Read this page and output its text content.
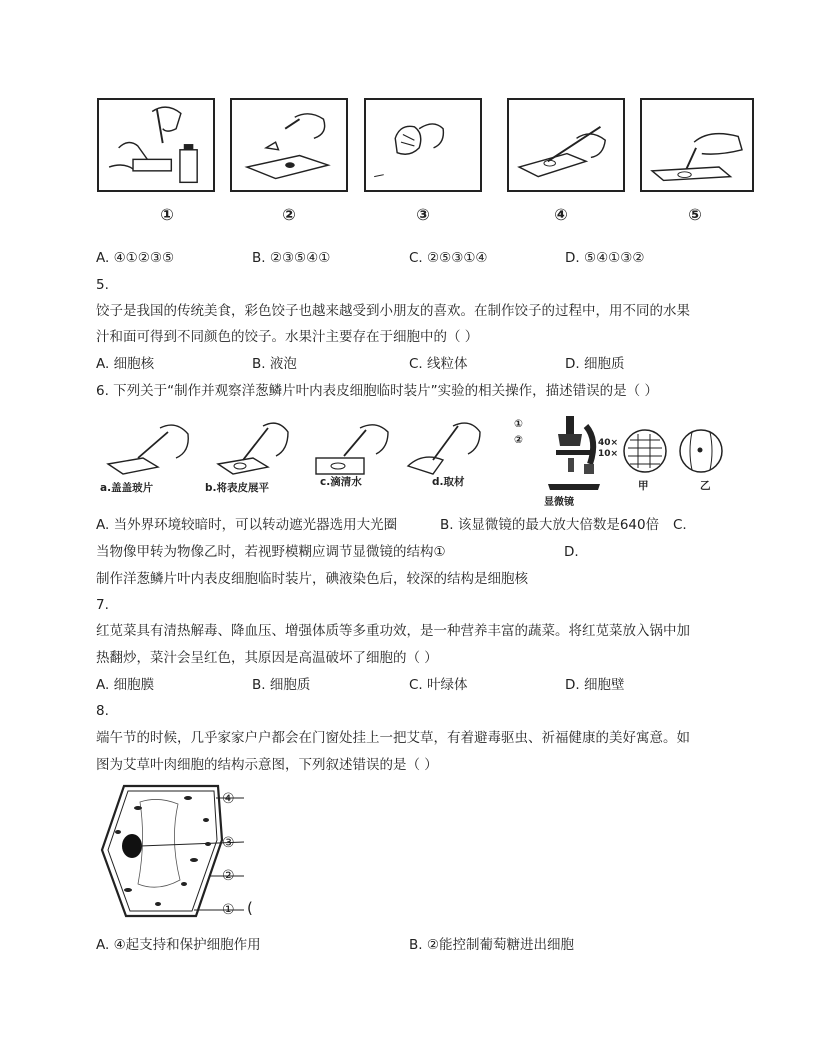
①	②	③	④	⑤
A. ④①②③⑤	B. ②③⑤④①	C. ②⑤③①④	D. ⑤④①③②
5.
饺子是我国的传统美食，彩色饺子也越来越受到小朋友的喜欢。在制作饺子的过程中，用不同的水果
汁和面可得到不同颜色的饺子。水果汁主要存在于细胞中的（ ）
A. 细胞核	B. 液泡	C. 线粒体	D. 细胞质
6. 下列关于“制作并观察洋葱鳞片叶内表皮细胞临时装片”实验的相关操作，描述错误的是（ ）
a.盖盖玻片	b.将表皮展平	c.滴清水	d.取材
①
②	40×
10×
显微镜
甲	乙
A. 当外界环境较暗时，可以转动遮光器选用大光圈	B. 该显微镜的最大放大倍数是640倍 C.
当物像甲转为物像乙时，若视野模糊应调节显微镜的结构①	D.
制作洋葱鳞片叶内表皮细胞临时装片，碘液染色后，较深的结构是细胞核
7.
红苋菜具有清热解毒、降血压、增强体质等多重功效，是一种营养丰富的蔬菜。将红苋菜放入锅中加
热翻炒，菜汁会呈红色，其原因是高温破坏了细胞的（ ）
A. 细胞膜	B. 细胞质	C. 叶绿体	D. 细胞壁
8.
端午节的时候，几乎家家户户都会在门窗处挂上一把艾草，有着避毒驱虫、祈福健康的美好寓意。如
图为艾草叶肉细胞的结构示意图，下列叙述错误的是（ ）
④
③
②
① (
A. ④起支持和保护细胞作用	B. ②能控制葡萄糖进出细胞
